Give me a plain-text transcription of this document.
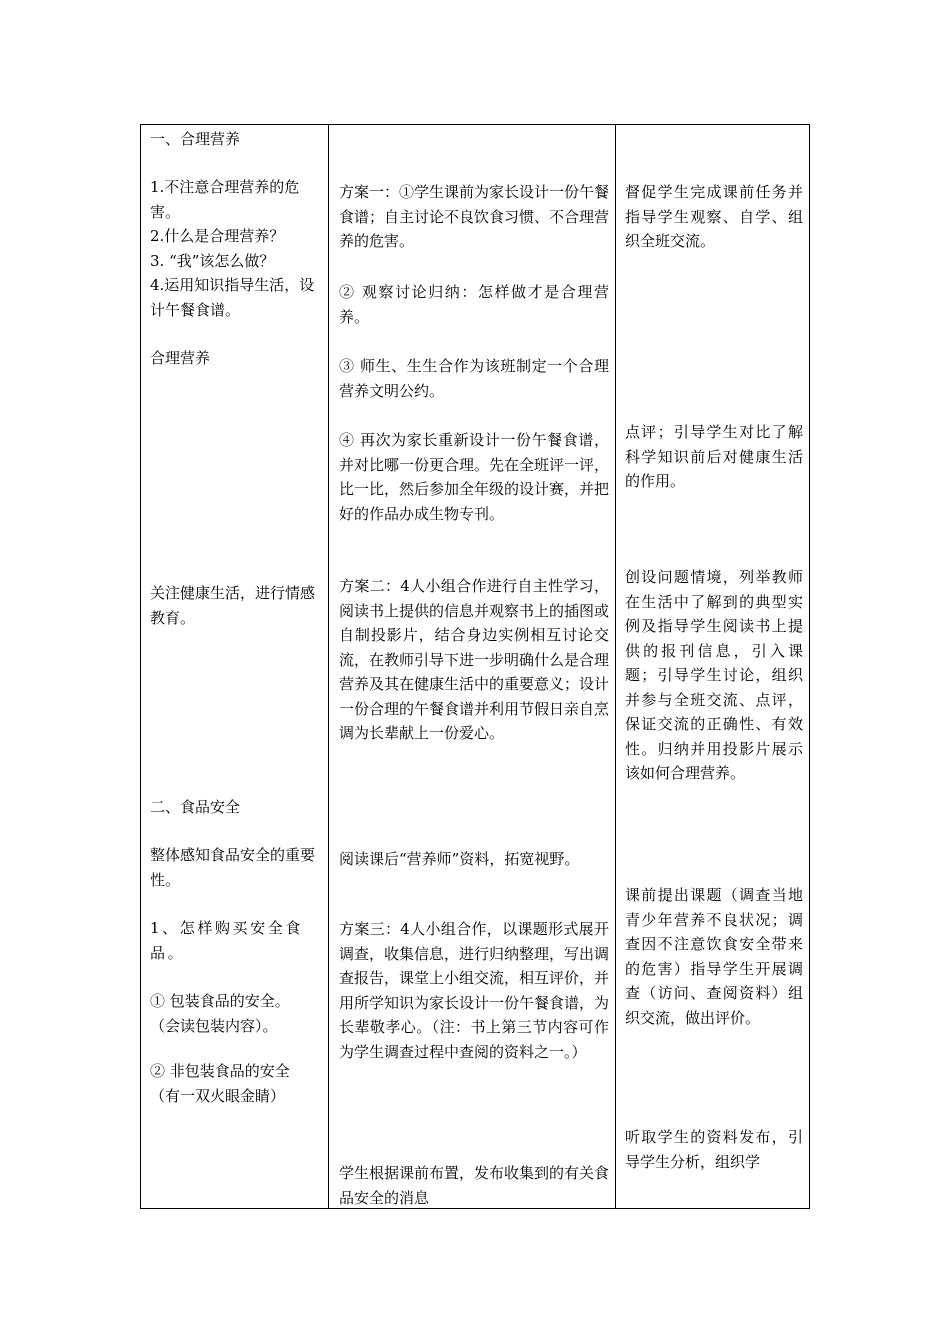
一、合理营养

1.不注意合理营养的危害。
2.什么是合理营养？
3. “我”该怎么做？
4.运用知识指导生活，设计午餐食谱。

合理营养

关注健康生活，进行情感教育。

二、食品安全

整体感知食品安全的重要性。

1、怎样购买安全食品。

① 包装食品的安全。
（会读包装内容）。

② 非包装食品的安全
（有一双火眼金睛）

方案一：①学生课前为家长设计一份午餐食谱；自主讨论不良饮食习惯、不合理营养的危害。

② 观察讨论归纳：怎样做才是合理营养。

③ 师生、生生合作为该班制定一个合理营养文明公约。

④ 再次为家长重新设计一份午餐食谱，并对比哪一份更合理。先在全班评一评，比一比，然后参加全年级的设计赛，并把好的作品办成生物专刊。

方案二：4人小组合作进行自主性学习，阅读书上提供的信息并观察书上的插图或自制投影片，结合身边实例相互讨论交流，在教师引导下进一步明确什么是合理营养及其在健康生活中的重要意义；设计一份合理的午餐食谱并利用节假日亲自烹调为长辈献上一份爱心。

阅读课后“营养师”资料，拓宽视野。

方案三：4人小组合作，以课题形式展开调查，收集信息，进行归纳整理，写出调查报告，课堂上小组交流，相互评价，并用所学知识为家长设计一份午餐食谱，为长辈敬孝心。（注：书上第三节内容可作为学生调查过程中查阅的资料之一。）

学生根据课前布置，发布收集到的有关食品安全的消息

督促学生完成课前任务并指导学生观察、自学、组织全班交流。

点评；引导学生对比了解科学知识前后对健康生活的作用。

创设问题情境，列举教师在生活中了解到的典型实例及指导学生阅读书上提供的报刊信息，引入课题；引导学生讨论，组织并参与全班交流、点评，保证交流的正确性、有效性。归纳并用投影片展示该如何合理营养。

课前提出课题（调查当地青少年营养不良状况；调查因不注意饮食安全带来的危害）指导学生开展调查（访问、查阅资料）组织交流，做出评价。

听取学生的资料发布，引导学生分析，组织学
